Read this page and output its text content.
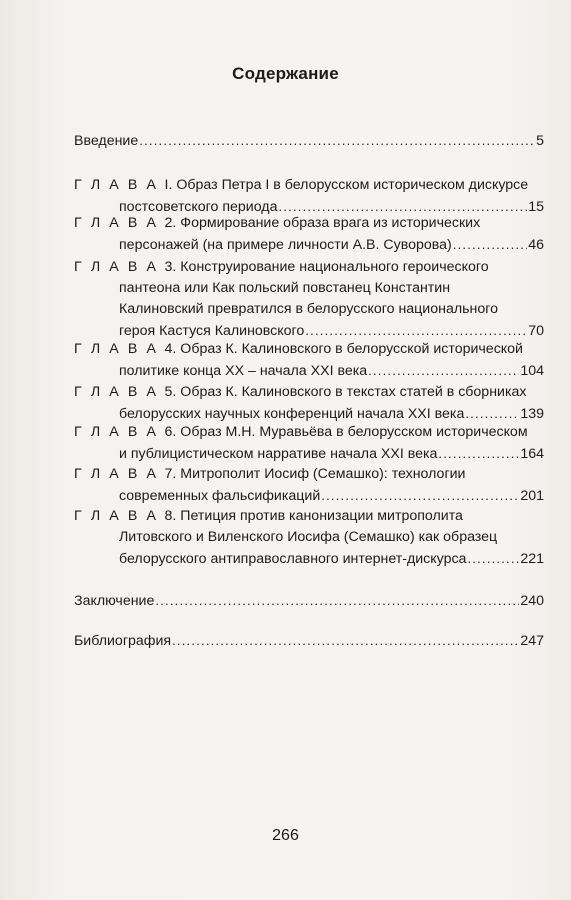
Содержание
Введение . . .	5
Г Л А В А I. Образ Петра I в белорусском историческом дискурсе
постсоветского периода . . .	15
Г Л А В А 2. Формирование образа врага из исторических
персонажей (на примере личности А.В. Суворова) . . .	46
Г Л А В А 3. Конструирование национального героического
пантеона или Как польский повстанец Константин
Калиновский превратился в белорусского национального
героя Кастуся Калиновского . . .	70
Г Л А В А 4. Образ К. Калиновского в белорусской исторической
политике конца XX – начала XXI века . . .	104
Г Л А В А 5. Образ К. Калиновского в текстах статей в сборниках
белорусских научных конференций начала XXI века . . .	139
Г Л А В А 6. Образ М.Н. Муравьёва в белорусском историческом
и публицистическом нарративе начала XXI века . . .	164
Г Л А В А 7. Митрополит Иосиф (Семашко): технологии
современных фальсификаций . . .	201
Г Л А В А 8. Петиция против канонизации митрополита
Литовского и Виленского Иосифа (Семашко) как образец
белорусского антиправославного интернет-дискурса . . .	221
Заключение . . .	240
Библиография . . .	247
266
